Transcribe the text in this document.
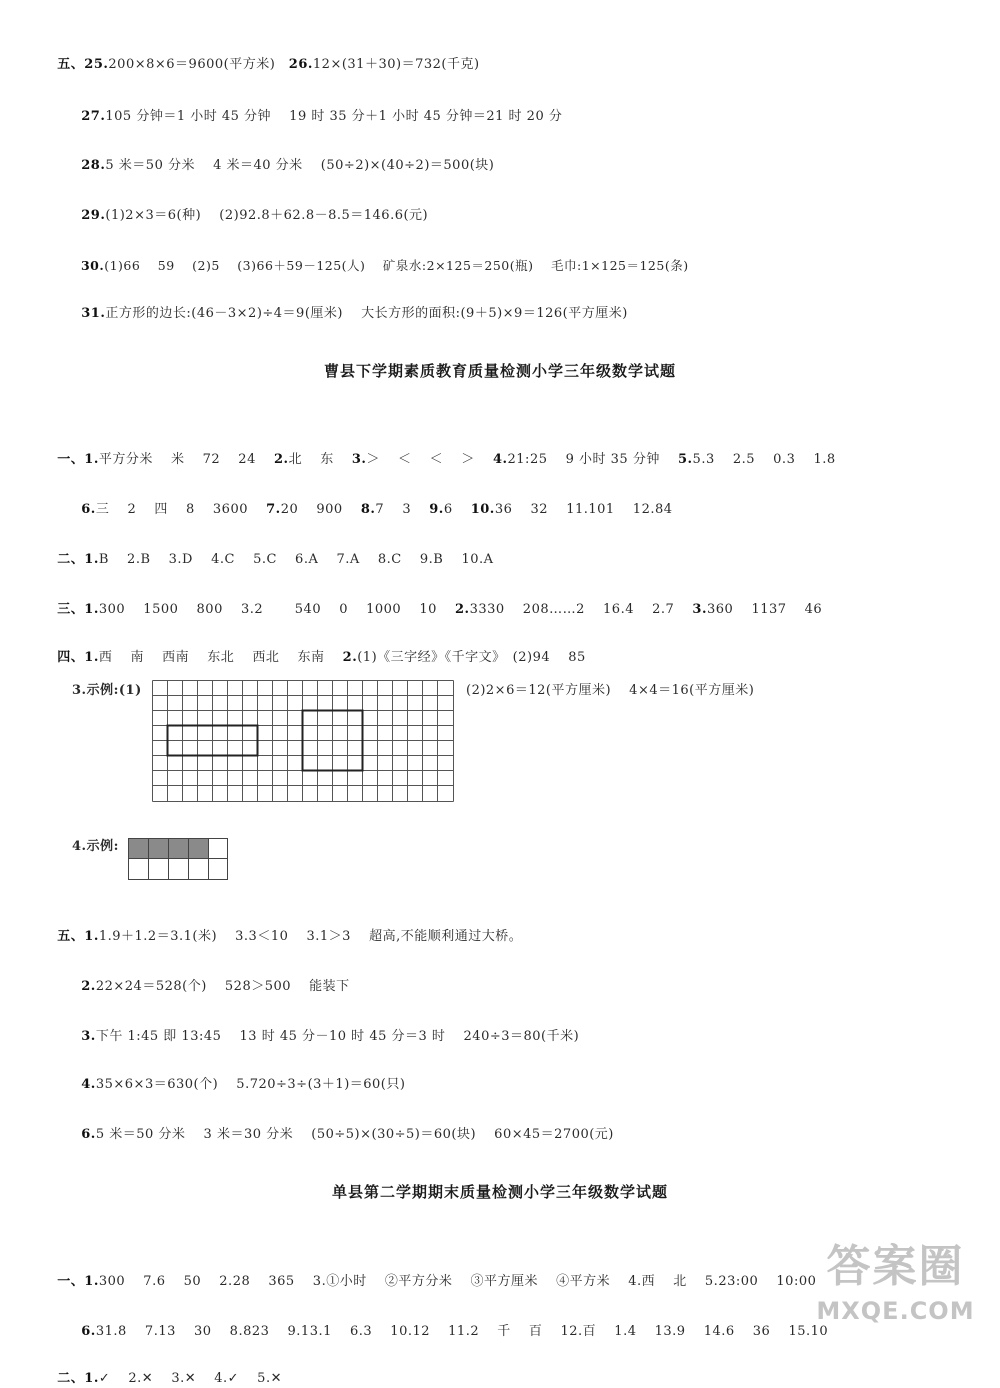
五、25.200×8×6＝9600(平方米)　26.12×(31＋30)＝732(千克)

27.105 分钟＝1 小时 45 分钟　 19 时 35 分＋1 小时 45 分钟＝21 时 20 分

28.5 米＝50 分米　 4 米＝40 分米　 (50÷2)×(40÷2)＝500(块)

29.(1)2×3＝6(种)　 (2)92.8＋62.8－8.5＝146.6(元)

30.(1)66　 59　 (2)5　 (3)66＋59－125(人)　 矿泉水:2×125＝250(瓶)　 毛巾:1×125＝125(条)

31.正方形的边长:(46－3×2)÷4＝9(厘米)　 大长方形的面积:(9＋5)×9＝126(平方厘米)

曹县下学期素质教育质量检测小学三年级数学试题

一、1.平方分米　 米　 72　 24　 2.北　 东　 3.＞　 ＜　 ＜　 ＞　 4.21:25　 9 小时 35 分钟　 5.5.3　 2.5　 0.3　 1.8

6.三　 2　 四　 8　 3600　 7.20　 900　 8.7　 3　 9.6　 10.36　 32　 11.101　 12.84

二、1.B　 2.B　 3.D　 4.C　 5.C　 6.A　 7.A　 8.C　 9.B　 10.A

三、1.300　 1500　 800　 3.2　　 540　 0　 1000　 10　 2.3330　 208……2　 16.4　 2.7　 3.360　 1137　 46

四、1.西　 南　 西南　 东北　 西北　 东南　 2.(1)《三字经》《千字文》　(2)94　 85

3.示例:(1)	(2)2×6＝12(平方厘米)　 4×4＝16(平方厘米)
4.示例:

五、1.1.9＋1.2＝3.1(米)　 3.3＜10　 3.1＞3　 超高,不能顺利通过大桥。

2.22×24＝528(个)　 528＞500　 能装下

3.下午 1:45 即 13:45　 13 时 45 分－10 时 45 分＝3 时　 240÷3＝80(千米)

4.35×6×3＝630(个)　 5.720÷3÷(3＋1)＝60(只)

6.5 米＝50 分米　 3 米＝30 分米　 (50÷5)×(30÷5)＝60(块)　 60×45＝2700(元)

单县第二学期期末质量检测小学三年级数学试题

一、1.300　 7.6　 50　 2.28　 365　 3.①小时　 ②平方分米　 ③平方厘米　 ④平方米　 4.西　 北　 5.23:00　 10:00

6.31.8　 7.13　 30　 8.823　 9.13.1　 6.3　 10.12　 11.2　 千　 百　 12.百　 1.4　 13.9　 14.6　 36　 15.10

二、1.✓　 2.✕　 3.✕　 4.✓　 5.✕

答案圈
MXQE.COM
